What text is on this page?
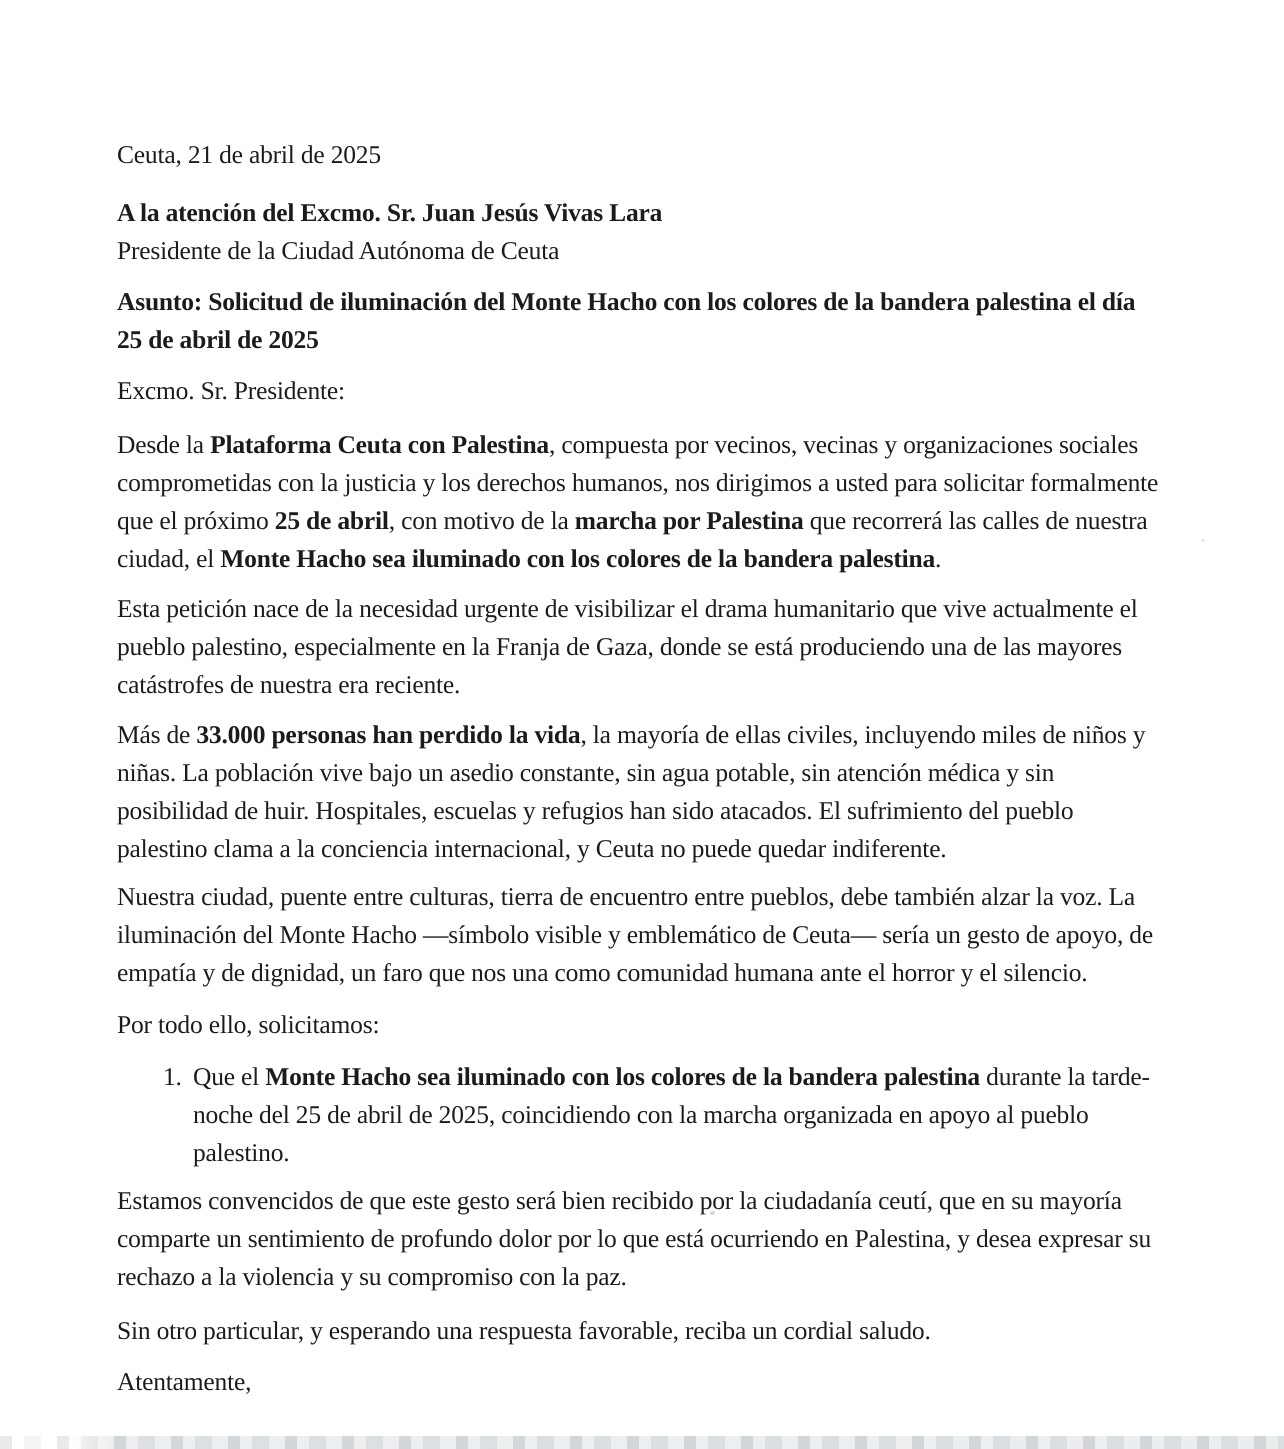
Ceuta, 21 de abril de 2025

A la atención del Excmo. Sr. Juan Jesús Vivas Lara

Presidente de la Ciudad Autónoma de Ceuta

Asunto: Solicitud de iluminación del Monte Hacho con los colores de la bandera palestina el día 25 de abril de 2025

Excmo. Sr. Presidente:

Desde la Plataforma Ceuta con Palestina, compuesta por vecinos, vecinas y organizaciones sociales comprometidas con la justicia y los derechos humanos, nos dirigimos a usted para solicitar formalmente que el próximo 25 de abril, con motivo de la marcha por Palestina que recorrerá las calles de nuestra ciudad, el Monte Hacho sea iluminado con los colores de la bandera palestina.

Esta petición nace de la necesidad urgente de visibilizar el drama humanitario que vive actualmente el pueblo palestino, especialmente en la Franja de Gaza, donde se está produciendo una de las mayores catástrofes de nuestra era reciente.

Más de 33.000 personas han perdido la vida, la mayoría de ellas civiles, incluyendo miles de niños y niñas. La población vive bajo un asedio constante, sin agua potable, sin atención médica y sin posibilidad de huir. Hospitales, escuelas y refugios han sido atacados. El sufrimiento del pueblo palestino clama a la conciencia internacional, y Ceuta no puede quedar indiferente.

Nuestra ciudad, puente entre culturas, tierra de encuentro entre pueblos, debe también alzar la voz. La iluminación del Monte Hacho —símbolo visible y emblemático de Ceuta— sería un gesto de apoyo, de empatía y de dignidad, un faro que nos una como comunidad humana ante el horror y el silencio.

Por todo ello, solicitamos:

1. Que el Monte Hacho sea iluminado con los colores de la bandera palestina durante la tarde-noche del 25 de abril de 2025, coincidiendo con la marcha organizada en apoyo al pueblo palestino.

Estamos convencidos de que este gesto será bien recibido por la ciudadanía ceutí, que en su mayoría comparte un sentimiento de profundo dolor por lo que está ocurriendo en Palestina, y desea expresar su rechazo a la violencia y su compromiso con la paz.

Sin otro particular, y esperando una respuesta favorable, reciba un cordial saludo.

Atentamente,
